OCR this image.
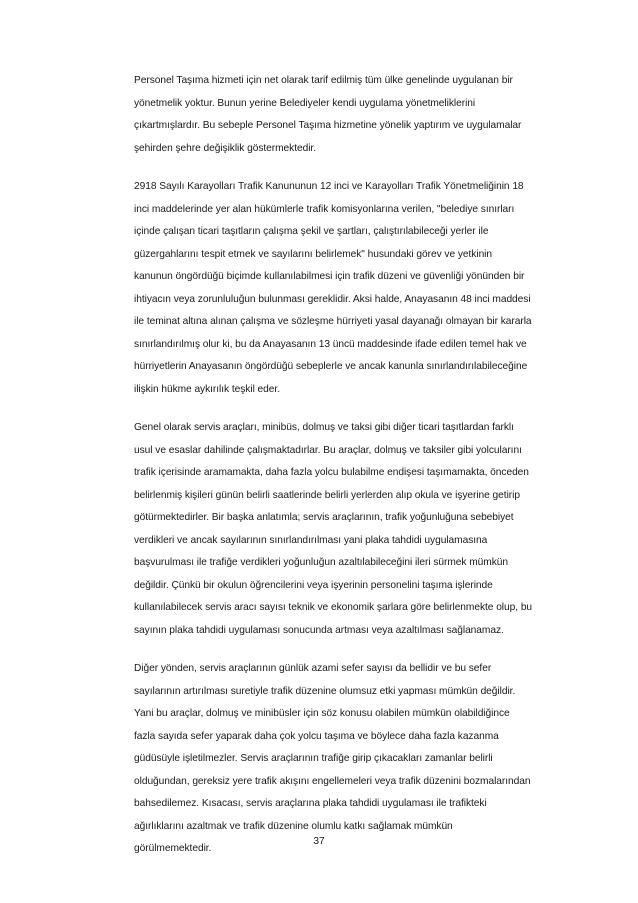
Personel Taşıma hizmeti için net olarak tarif edilmiş tüm ülke genelinde uygulanan bir
yönetmelik yoktur. Bunun yerine Belediyeler kendi uygulama yönetmeliklerini
çıkartmışlardır. Bu sebeple Personel Taşıma hizmetine yönelik yaptırım ve uygulamalar
şehirden şehre değişiklik göstermektedir.

2918 Sayılı Karayolları Trafik Kanununun 12 inci ve Karayolları Trafik Yönetmeliğinin 18
inci maddelerinde yer alan hükümlerle trafik komisyonlarına verilen, "belediye sınırları
içinde çalışan ticari taşıtların çalışma şekil ve şartları, çalıştırılabileceği yerler ile
güzergahlarını tespit etmek ve sayılarını belirlemek" husundaki görev ve yetkinin
kanunun öngördüğü biçimde kullanılabilmesi için trafik düzeni ve güvenliği yönünden bir
ihtiyacın veya zorunluluğun bulunması gereklidir. Aksi halde, Anayasanın 48 inci maddesi
ile teminat altına alınan çalışma ve sözleşme hürriyeti yasal dayanağı olmayan bir kararla
sınırlandırılmış olur ki, bu da Anayasanın 13 üncü maddesinde ifade edilen temel hak ve
hürriyetlerin Anayasanın öngördüğü sebeplerle ve ancak kanunla sınırlandırılabileceğine
ilişkin hükme aykırılık teşkil eder.

Genel olarak servis araçları, minibüs, dolmuş ve taksi gibi diğer ticari taşıtlardan farklı
usul ve esaslar dahilinde çalışmaktadırlar. Bu araçlar, dolmuş ve taksiler gibi yolcularını
trafik içerisinde aramamakta, daha fazla yolcu bulabilme endişesi taşımamakta, önceden
belirlenmiş kişileri günün belirli saatlerinde belirli yerlerden alıp okula ve işyerine getirip
götürmektedirler. Bir başka anlatımla; servis araçlarının, trafik yoğunluğuna sebebiyet
verdikleri ve ancak sayılarının sınırlandırılması yani plaka tahdidi uygulamasına
başvurulması ile trafiğe verdikleri yoğunluğun azaltılabileceğini ileri sürmek mümkün
değildir. Çünkü bir okulun öğrencilerini veya işyerinin personelini taşıma işlerinde
kullanılabilecek servis aracı sayısı teknik ve ekonomik şarlara göre belirlenmekte olup, bu
sayının plaka tahdidi uygulaması sonucunda artması veya azaltılması sağlanamaz.

Diğer yönden, servis araçlarının günlük azami sefer sayısı da bellidir ve bu sefer
sayılarının artırılması suretiyle trafik düzenine olumsuz etki yapması mümkün değildir.
Yani bu araçlar, dolmuş ve minibüsler için söz konusu olabilen mümkün olabildiğince
fazla sayıda sefer yaparak daha çok yolcu taşıma ve böylece daha fazla kazanma
güdüsüyle işletilmezler. Servis araçlarının trafiğe girip çıkacakları zamanlar belirli
olduğundan, gereksiz yere trafik akışını engellemeleri veya trafik düzenini bozmalarından
bahsedilemez. Kısacası, servis araçlarına plaka tahdidi uygulaması ile trafikteki
ağırlıklarını azaltmak ve trafik düzenine olumlu katkı sağlamak mümkün
görülmemektedir.

37
